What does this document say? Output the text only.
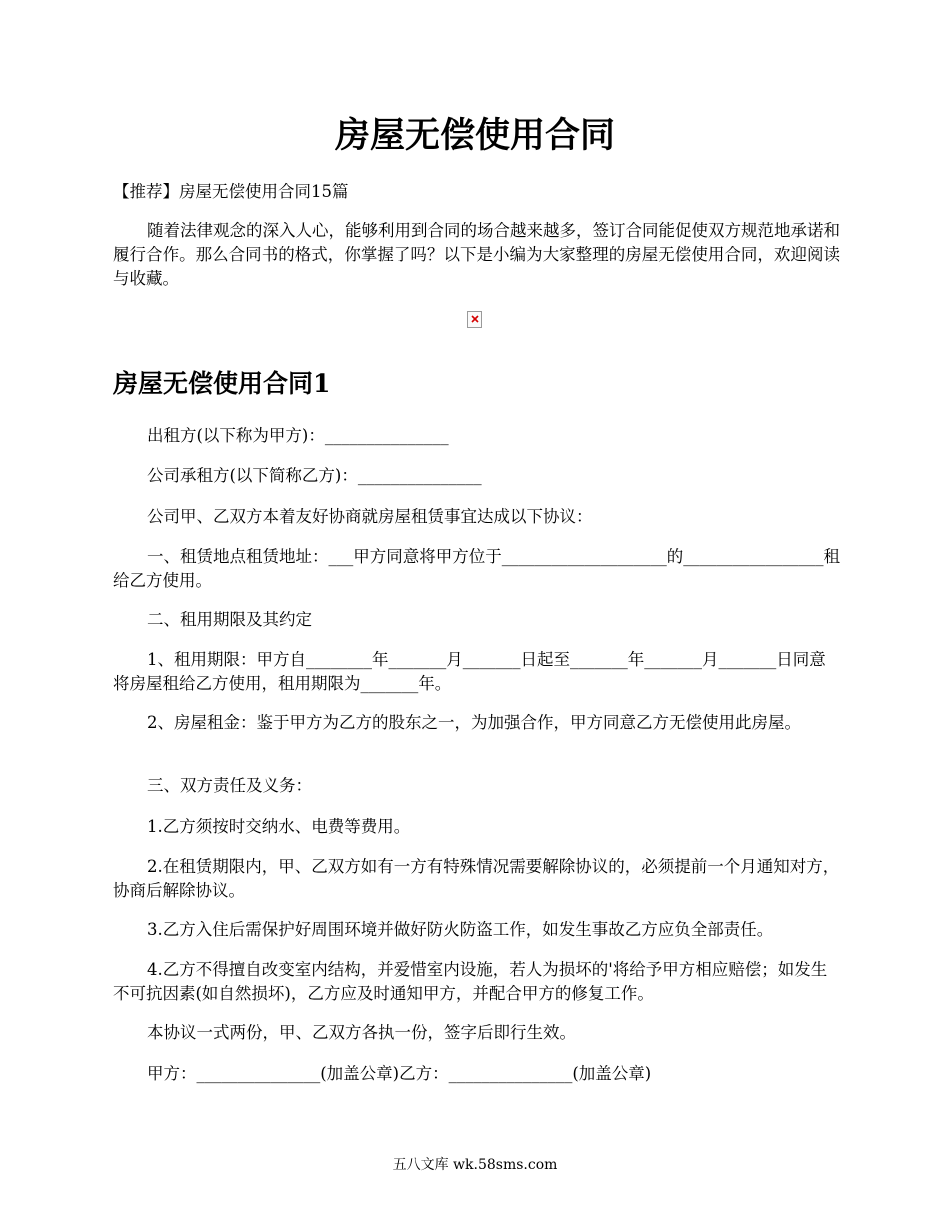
房屋无偿使用合同

【推荐】房屋无偿使用合同15篇

随着法律观念的深入人心，能够利用到合同的场合越来越多，签订合同能促使双方规范地承诺和履行合作。那么合同书的格式，你掌握了吗？以下是小编为大家整理的房屋无偿使用合同，欢迎阅读与收藏。

房屋无偿使用合同1

出租方(以下称为甲方)：_______________

公司承租方(以下简称乙方)：_______________

公司甲、乙双方本着友好协商就房屋租赁事宜达成以下协议：

一、租赁地点租赁地址：___甲方同意将甲方位于____________________的_________________租给乙方使用。

二、租用期限及其约定

1、租用期限：甲方自________年_______月_______日起至_______年_______月_______日同意将房屋租给乙方使用，租用期限为_______年。

2、房屋租金：鉴于甲方为乙方的股东之一，为加强合作，甲方同意乙方无偿使用此房屋。

三、双方责任及义务：

1.乙方须按时交纳水、电费等费用。

2.在租赁期限内，甲、乙双方如有一方有特殊情况需要解除协议的，必须提前一个月通知对方，协商后解除协议。

3.乙方入住后需保护好周围环境并做好防火防盗工作，如发生事故乙方应负全部责任。

4.乙方不得擅自改变室内结构，并爱惜室内设施，若人为损坏的'将给予甲方相应赔偿；如发生不可抗因素(如自然损坏)，乙方应及时通知甲方，并配合甲方的修复工作。

本协议一式两份，甲、乙双方各执一份，签字后即行生效。

甲方：_______________(加盖公章)乙方：_______________(加盖公章)

五八文库 wk.58sms.com
